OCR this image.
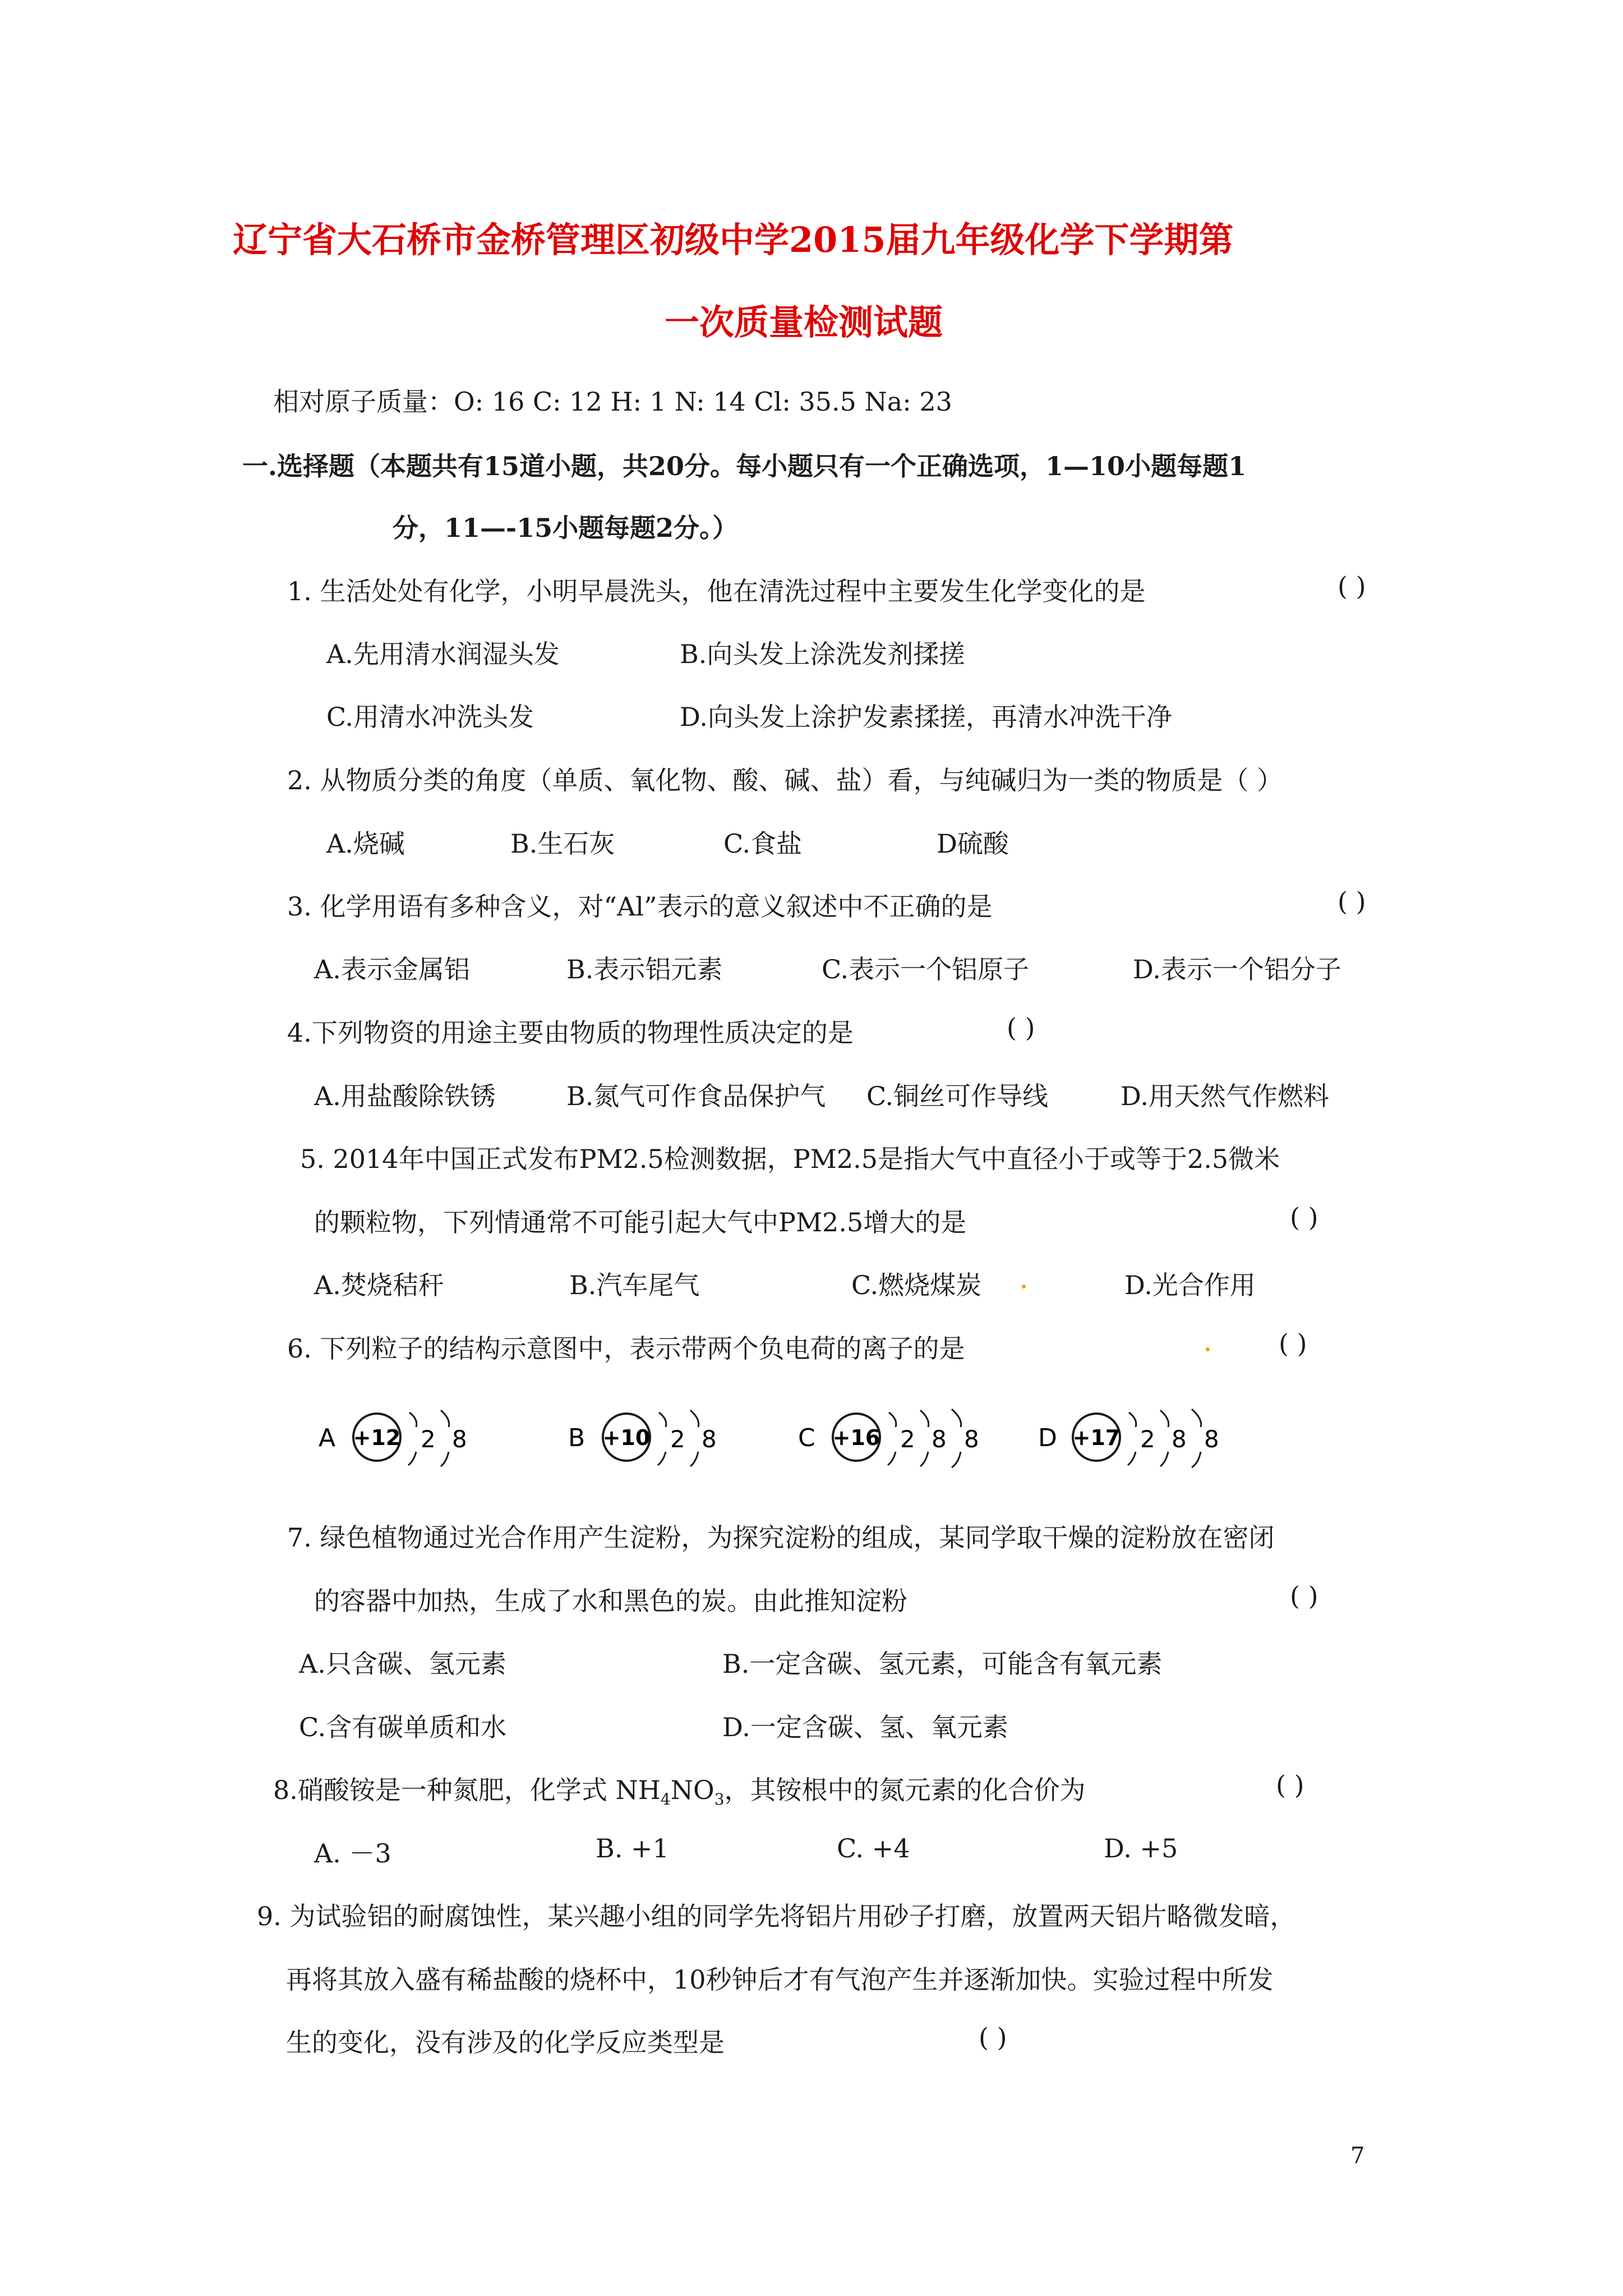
辽宁省大石桥市金桥管理区初级中学2015届九年级化学下学期第
一次质量检测试题
相对原子质量：O: 16 C: 12 H: 1 N: 14 Cl: 35.5 Na: 23
一.选择题（本题共有15道小题，共20分。每小题只有一个正确选项，1—10小题每题1
分，11—-15小题每题2分。）
1. 生活处处有化学，小明早晨洗头，他在清洗过程中主要发生化学变化的是	( )
A.先用清水润湿头发	B.向头发上涂洗发剂揉搓
C.用清水冲洗头发	D.向头发上涂护发素揉搓，再清水冲洗干净
2. 从物质分类的角度（单质、氧化物、酸、碱、盐）看，与纯碱归为一类的物质是（ ）
A.烧碱	B.生石灰	C.食盐	D硫酸
3. 化学用语有多种含义，对“Al”表示的意义叙述中不正确的是	( )
A.表示金属铝	B.表示铝元素	C.表示一个铝原子	D.表示一个铝分子
4.下列物资的用途主要由物质的物理性质决定的是	( )
A.用盐酸除铁锈	B.氮气可作食品保护气 C.铜丝可作导线	D.用天然气作燃料
5. 2014年中国正式发布PM2.5检测数据，PM2.5是指大气中直径小于或等于2.5微米
的颗粒物，下列情通常不可能引起大气中PM2.5增大的是	( )
A.焚烧秸秆	B.汽车尾气	C.燃烧煤炭	D.光合作用
6. 下列粒子的结构示意图中，表示带两个负电荷的离子的是	( )
A +12 2 8	B +10 2 8	C +16 2 8 8 D +17 2 8 8
7. 绿色植物通过光合作用产生淀粉，为探究淀粉的组成，某同学取干燥的淀粉放在密闭
的容器中加热，生成了水和黑色的炭。由此推知淀粉	( )
A.只含碳、氢元素	B.一定含碳、氢元素，可能含有氧元素
C.含有碳单质和水	D.一定含碳、氢、氧元素
8.硝酸铵是一种氮肥，化学式 $NH_4NO_3$，其铵根中的氮元素的化合价为	( )
A. －3	B. +1	C. +4	D. +5
9. 为试验铝的耐腐蚀性，某兴趣小组的同学先将铝片用砂子打磨，放置两天铝片略微发暗，
再将其放入盛有稀盐酸的烧杯中，10秒钟后才有气泡产生并逐渐加快。实验过程中所发
生的变化，没有涉及的化学反应类型是	( )
7
